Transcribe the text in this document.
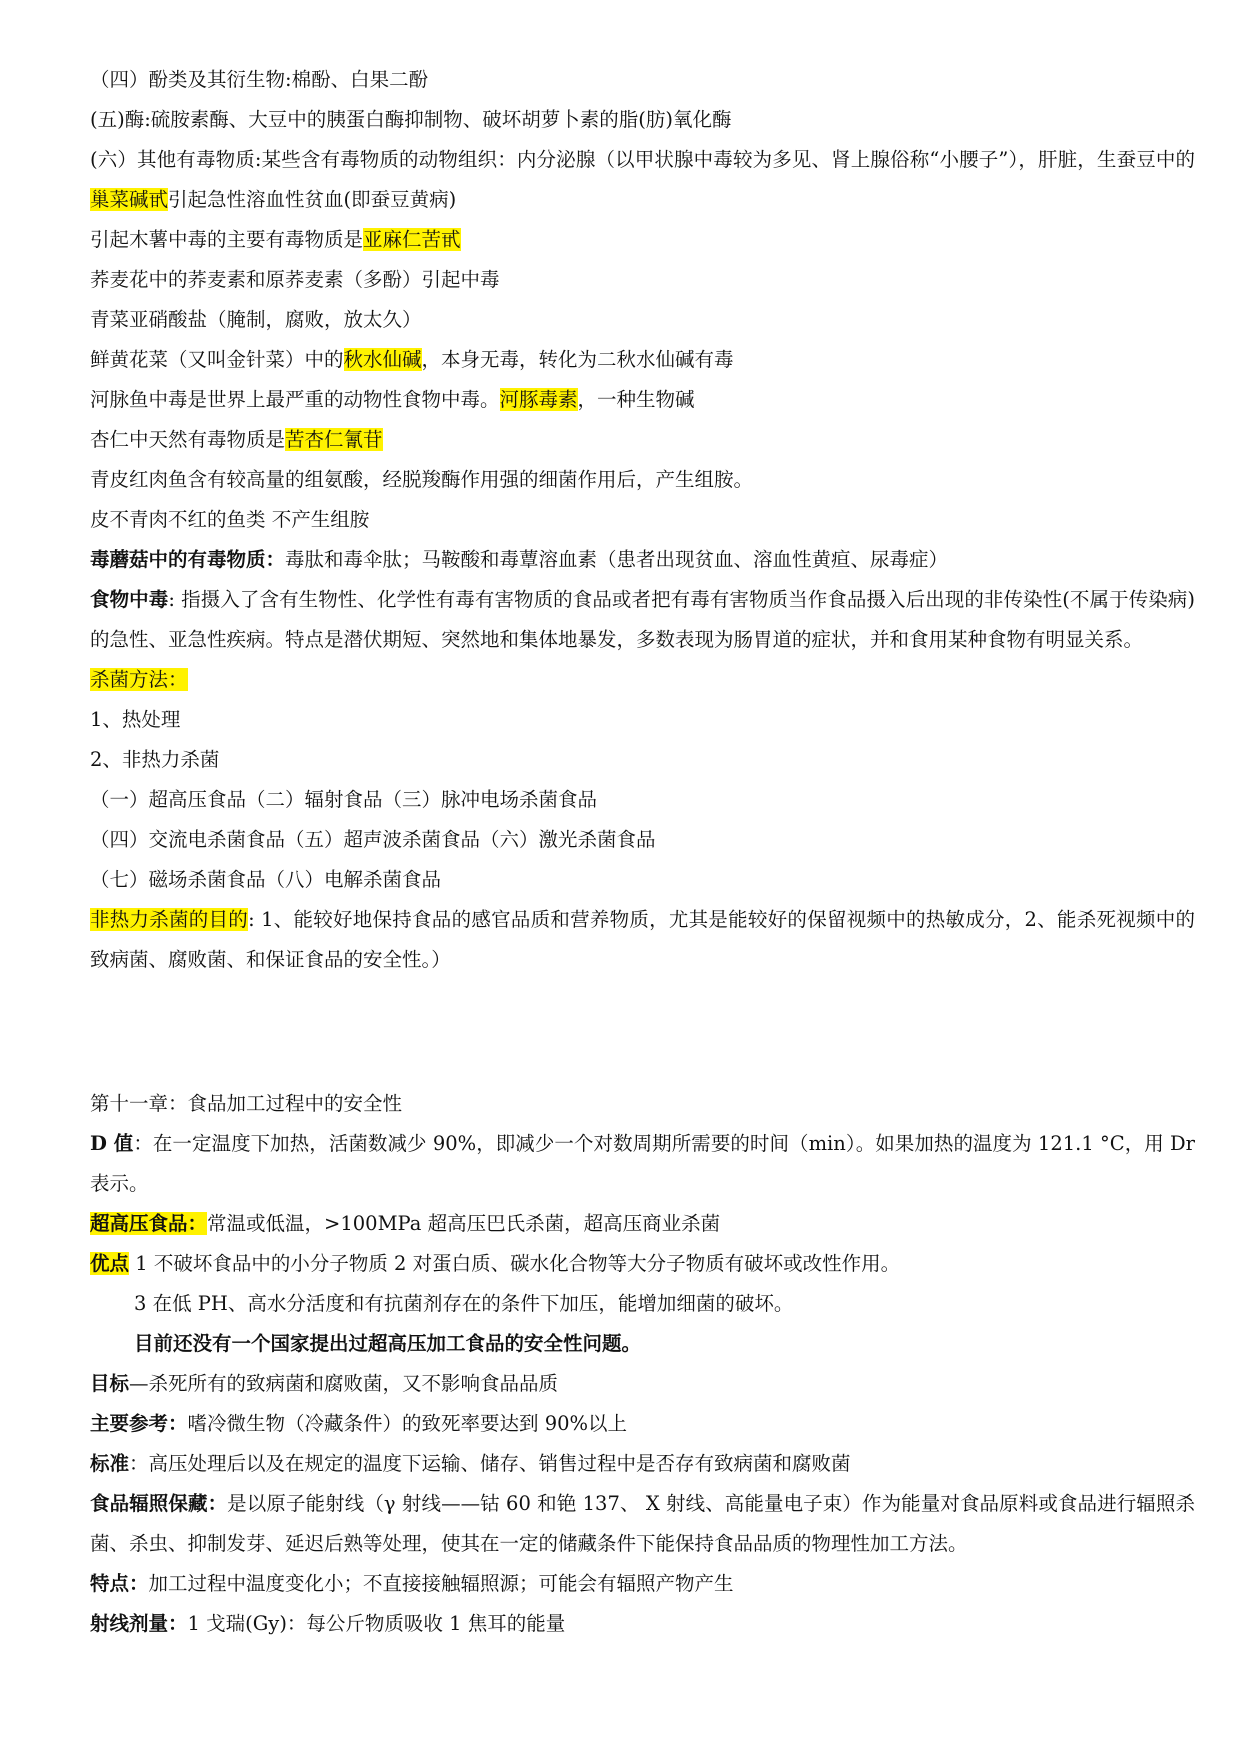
（四）酚类及其衍生物:棉酚、白果二酚
(五)酶:硫胺素酶、大豆中的胰蛋白酶抑制物、破坏胡萝卜素的脂(肪)氧化酶
(六）其他有毒物质:某些含有毒物质的动物组织：内分泌腺（以甲状腺中毒较为多见、肾上腺俗称“小腰子”），肝脏，生蚕豆中的巢菜碱甙引起急性溶血性贫血(即蚕豆黄病)
引起木薯中毒的主要有毒物质是亚麻仁苦甙
荞麦花中的荞麦素和原荞麦素（多酚）引起中毒
青菜亚硝酸盐（腌制，腐败，放太久）
鲜黄花菜（又叫金针菜）中的秋水仙碱，本身无毒，转化为二秋水仙碱有毒
河脉鱼中毒是世界上最严重的动物性食物中毒。河豚毒素，一种生物碱
杏仁中天然有毒物质是苦杏仁氰苷
青皮红肉鱼含有较高量的组氨酸，经脱羧酶作用强的细菌作用后，产生组胺。
皮不青肉不红的鱼类 不产生组胺
毒蘑菇中的有毒物质：毒肽和毒伞肽；马鞍酸和毒蕈溶血素（患者出现贫血、溶血性黄疸、尿毒症）
食物中毒: 指摄入了含有生物性、化学性有毒有害物质的食品或者把有毒有害物质当作食品摄入后出现的非传染性(不属于传染病)的急性、亚急性疾病。特点是潜伏期短、突然地和集体地暴发，多数表现为肠胃道的症状，并和食用某种食物有明显关系。
杀菌方法：
1、热处理
2、非热力杀菌
（一）超高压食品（二）辐射食品（三）脉冲电场杀菌食品
（四）交流电杀菌食品（五）超声波杀菌食品（六）激光杀菌食品
（七）磁场杀菌食品（八）电解杀菌食品
非热力杀菌的目的: 1、能较好地保持食品的感官品质和营养物质，尤其是能较好的保留视频中的热敏成分，2、能杀死视频中的致病菌、腐败菌、和保证食品的安全性。）
第十一章：食品加工过程中的安全性
D 值：在一定温度下加热，活菌数减少 90%，即减少一个对数周期所需要的时间（min）。如果加热的温度为 121.1 °C，用 Dr 表示。
超高压食品：常温或低温，>100MPa 超高压巴氏杀菌，超高压商业杀菌
优点 1 不破坏食品中的小分子物质 2 对蛋白质、碳水化合物等大分子物质有破坏或改性作用。
3 在低 PH、高水分活度和有抗菌剂存在的条件下加压，能增加细菌的破坏。
目前还没有一个国家提出过超高压加工食品的安全性问题。
目标—杀死所有的致病菌和腐败菌，又不影响食品品质
主要参考：嗜冷微生物（冷藏条件）的致死率要达到 90%以上
标准：高压处理后以及在规定的温度下运输、储存、销售过程中是否存有致病菌和腐败菌
食品辐照保藏：是以原子能射线（γ 射线——钴 60 和铯 137、 X 射线、高能量电子束）作为能量对食品原料或食品进行辐照杀菌、杀虫、抑制发芽、延迟后熟等处理，使其在一定的储藏条件下能保持食品品质的物理性加工方法。
特点：加工过程中温度变化小；不直接接触辐照源；可能会有辐照产物产生
射线剂量：1 戈瑞(Gy)：每公斤物质吸收 1 焦耳的能量
